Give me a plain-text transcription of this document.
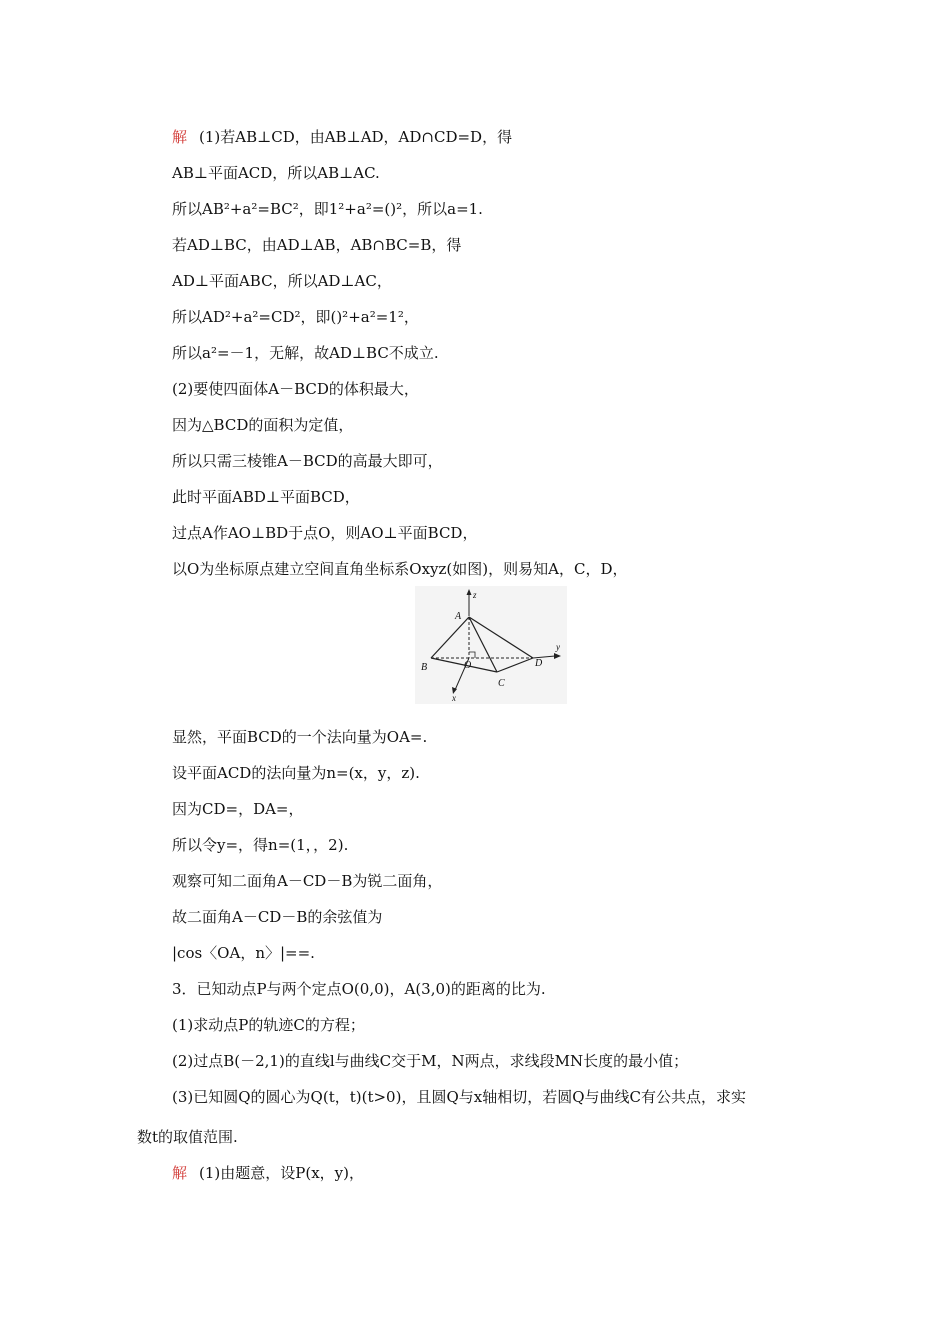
解 (1)若AB⊥CD，由AB⊥AD，AD∩CD=D，得
AB⊥平面ACD，所以AB⊥AC.
所以AB²+a²=BC²，即1²+a²=()²，所以a=1.
若AD⊥BC，由AD⊥AB，AB∩BC=B，得
AD⊥平面ABC，所以AD⊥AC，
所以AD²+a²=CD²，即()²+a²=1²，
所以a²=－1，无解，故AD⊥BC不成立.
(2)要使四面体A－BCD的体积最大，
因为△BCD的面积为定值，
所以只需三棱锥A－BCD的高最大即可，
此时平面ABD⊥平面BCD，
过点A作AO⊥BD于点O，则AO⊥平面BCD，
以O为坐标原点建立空间直角坐标系Oxyz(如图)，则易知A，C，D，
A
B
C
D
O
x
y
z
显然，平面BCD的一个法向量为OA=.
设平面ACD的法向量为n=(x，y，z).
因为CD=，DA=，
所以令y=，得n=(1，，2).
观察可知二面角A－CD－B为锐二面角，
故二面角A－CD－B的余弦值为
|cos〈OA，n〉|==.
3．已知动点P与两个定点O(0,0)，A(3,0)的距离的比为.
(1)求动点P的轨迹C的方程；
(2)过点B(－2,1)的直线l与曲线C交于M，N两点，求线段MN长度的最小值；
(3)已知圆Q的圆心为Q(t，t)(t>0)，且圆Q与x轴相切，若圆Q与曲线C有公共点，求实
数t的取值范围.
解 (1)由题意，设P(x，y)，
